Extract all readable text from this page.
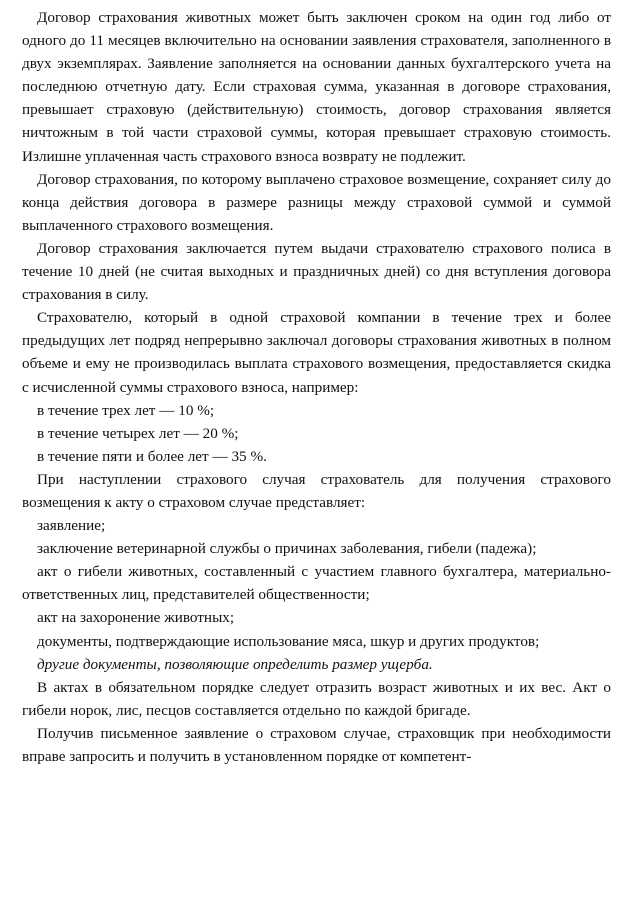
Договор страхования животных может быть заключен сроком на один год либо от одного до 11 месяцев включительно на основании заявления страхователя, заполненного в двух экземплярах. Заявление заполняется на основании данных бухгалтерского учета на последнюю отчетную дату. Если страховая сумма, указанная в договоре страхования, превышает страховую (действительную) стоимость, договор страхования является ничтожным в той части страховой суммы, которая превышает страховую стоимость. Излишне уплаченная часть страхового взноса возврату не подлежит.

Договор страхования, по которому выплачено страховое возмещение, сохраняет силу до конца действия договора в размере разницы между страховой суммой и суммой выплаченного страхового возмещения.

Договор страхования заключается путем выдачи страхователю страхового полиса в течение 10 дней (не считая выходных и праздничных дней) со дня вступления договора страхования в силу.

Страхователю, который в одной страховой компании в течение трех и более предыдущих лет подряд непрерывно заключал договоры страхования животных в полном объеме и ему не производилась выплата страхового возмещения, предоставляется скидка с исчисленной суммы страхового взноса, например:

в течение трех лет — 10 %;

в течение четырех лет — 20 %;

в течение пяти и более лет — 35 %.

При наступлении страхового случая страхователь для получения страхового возмещения к акту о страховом случае представляет:

заявление;

заключение ветеринарной службы о причинах заболевания, гибели (падежа);

акт о гибели животных, составленный с участием главного бухгалтера, материально-ответственных лиц, представителей общественности;

акт на захоронение животных;

документы, подтверждающие использование мяса, шкур и других продуктов;

другие документы, позволяющие определить размер ущерба.

В актах в обязательном порядке следует отразить возраст животных и их вес. Акт о гибели норок, лис, песцов составляется отдельно по каждой бригаде.

Получив письменное заявление о страховом случае, страховщик при необходимости вправе запросить и получить в установленном порядке от компетент-
